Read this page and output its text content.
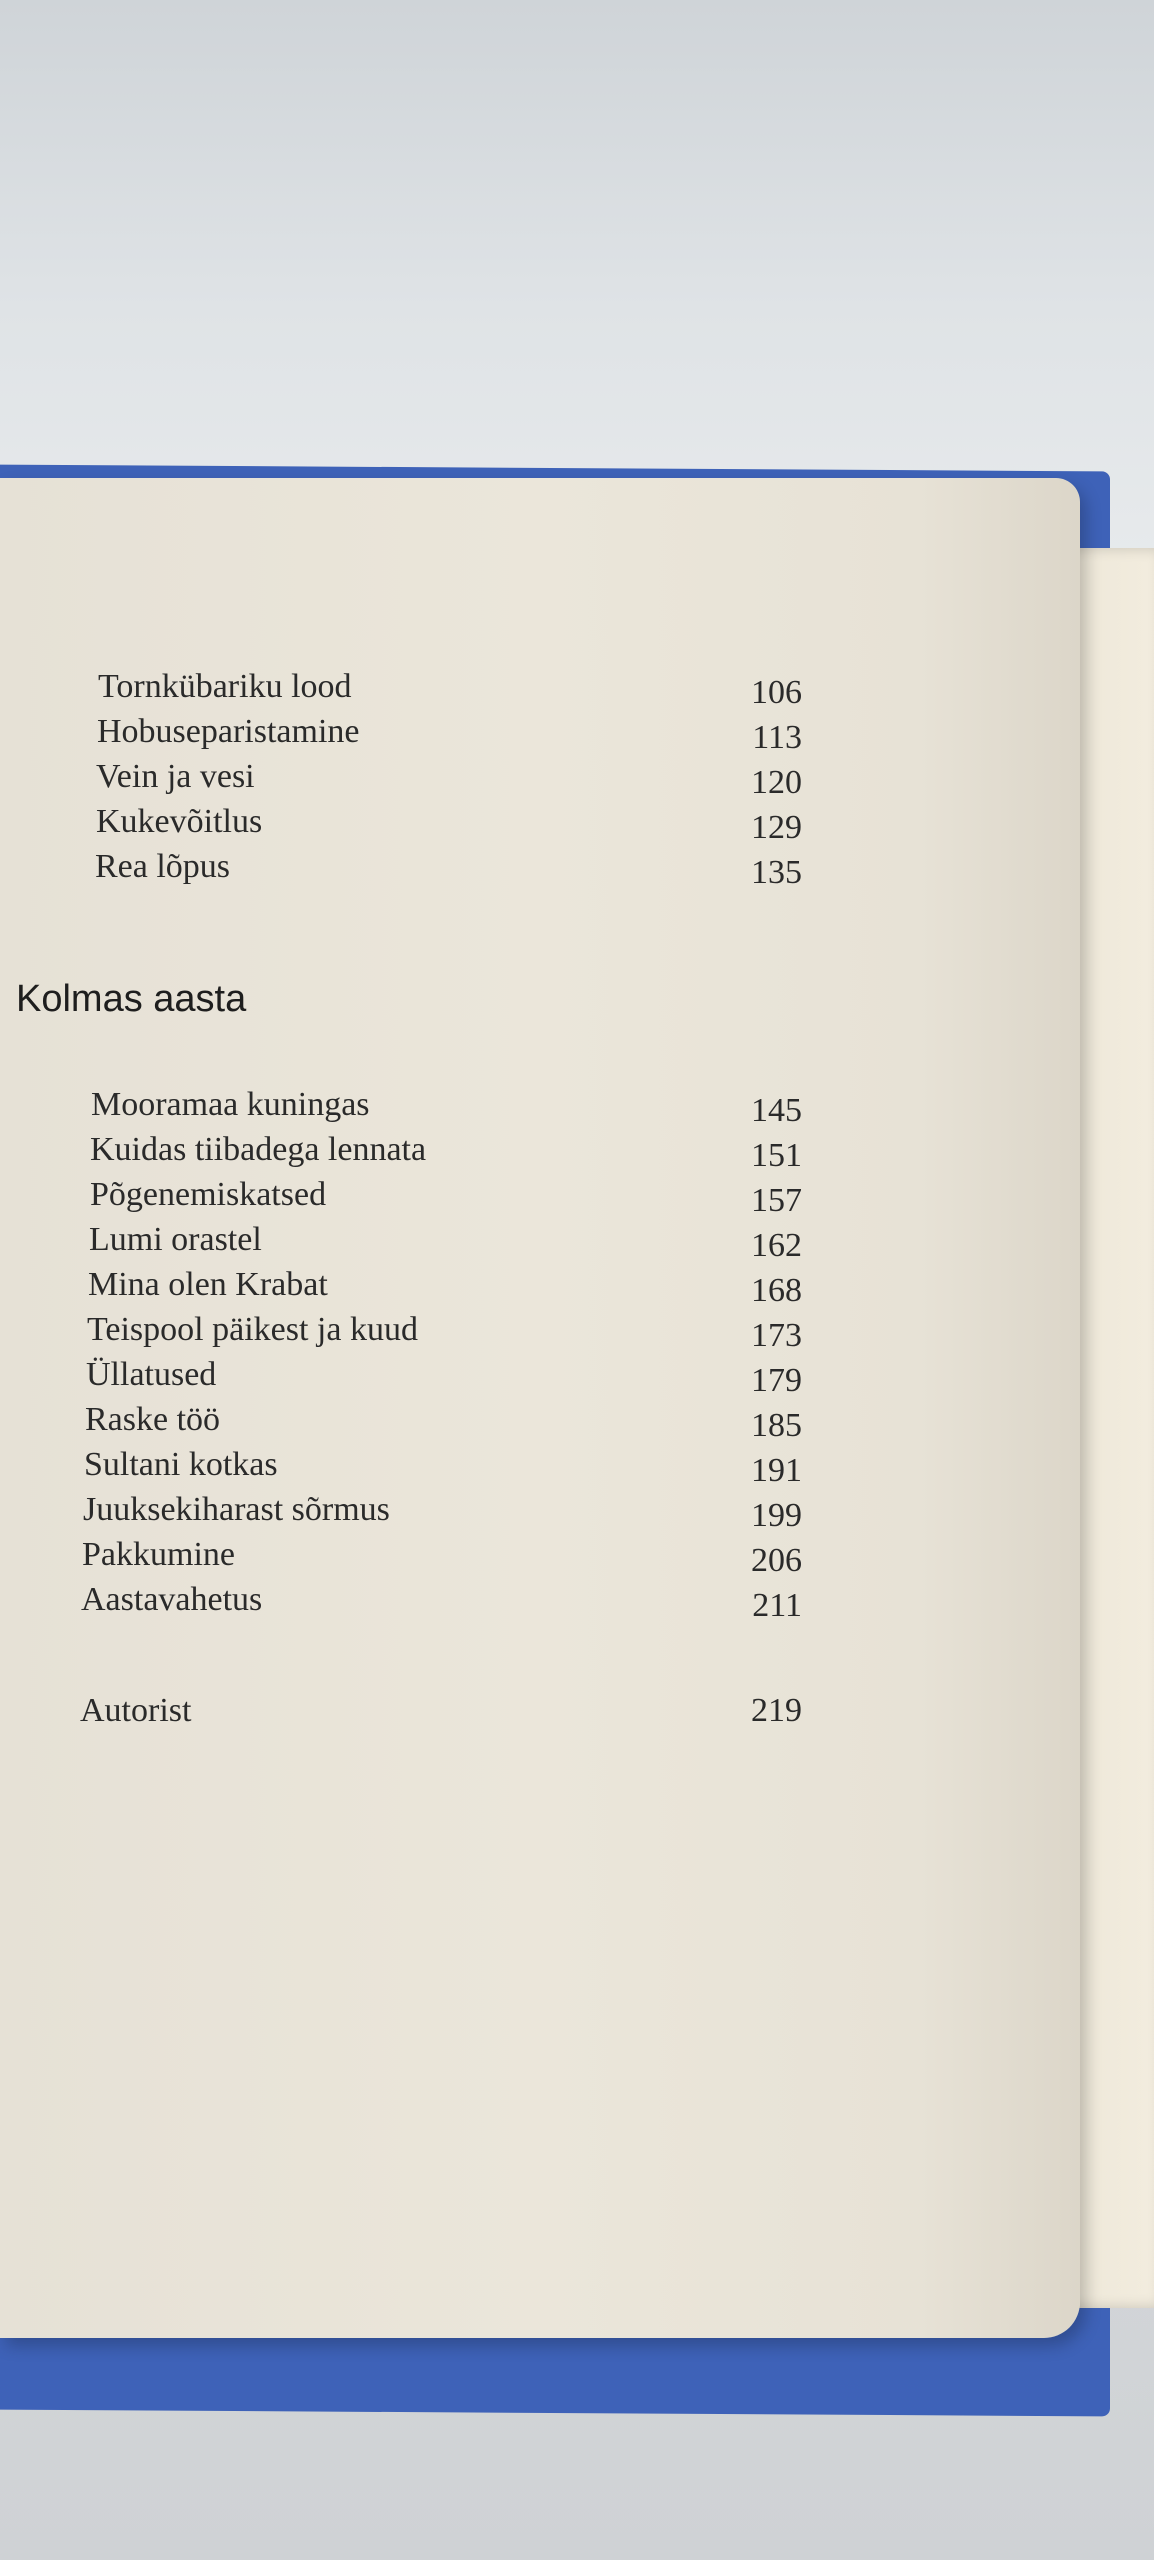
Tornkübariku lood	106
Hobuseparistamine	113
Vein ja vesi	120
Kukevõitlus	129
Rea lõpus	135
Kolmas aasta
Mooramaa kuningas	145
Kuidas tiibadega lennata	151
Põgenemiskatsed	157
Lumi orastel	162
Mina olen Krabat	168
Teispool päikest ja kuud	173
Üllatused	179
Raske töö	185
Sultani kotkas	191
Juuksekiharast sõrmus	199
Pakkumine	206
Aastavahetus	211
Autorist	219
